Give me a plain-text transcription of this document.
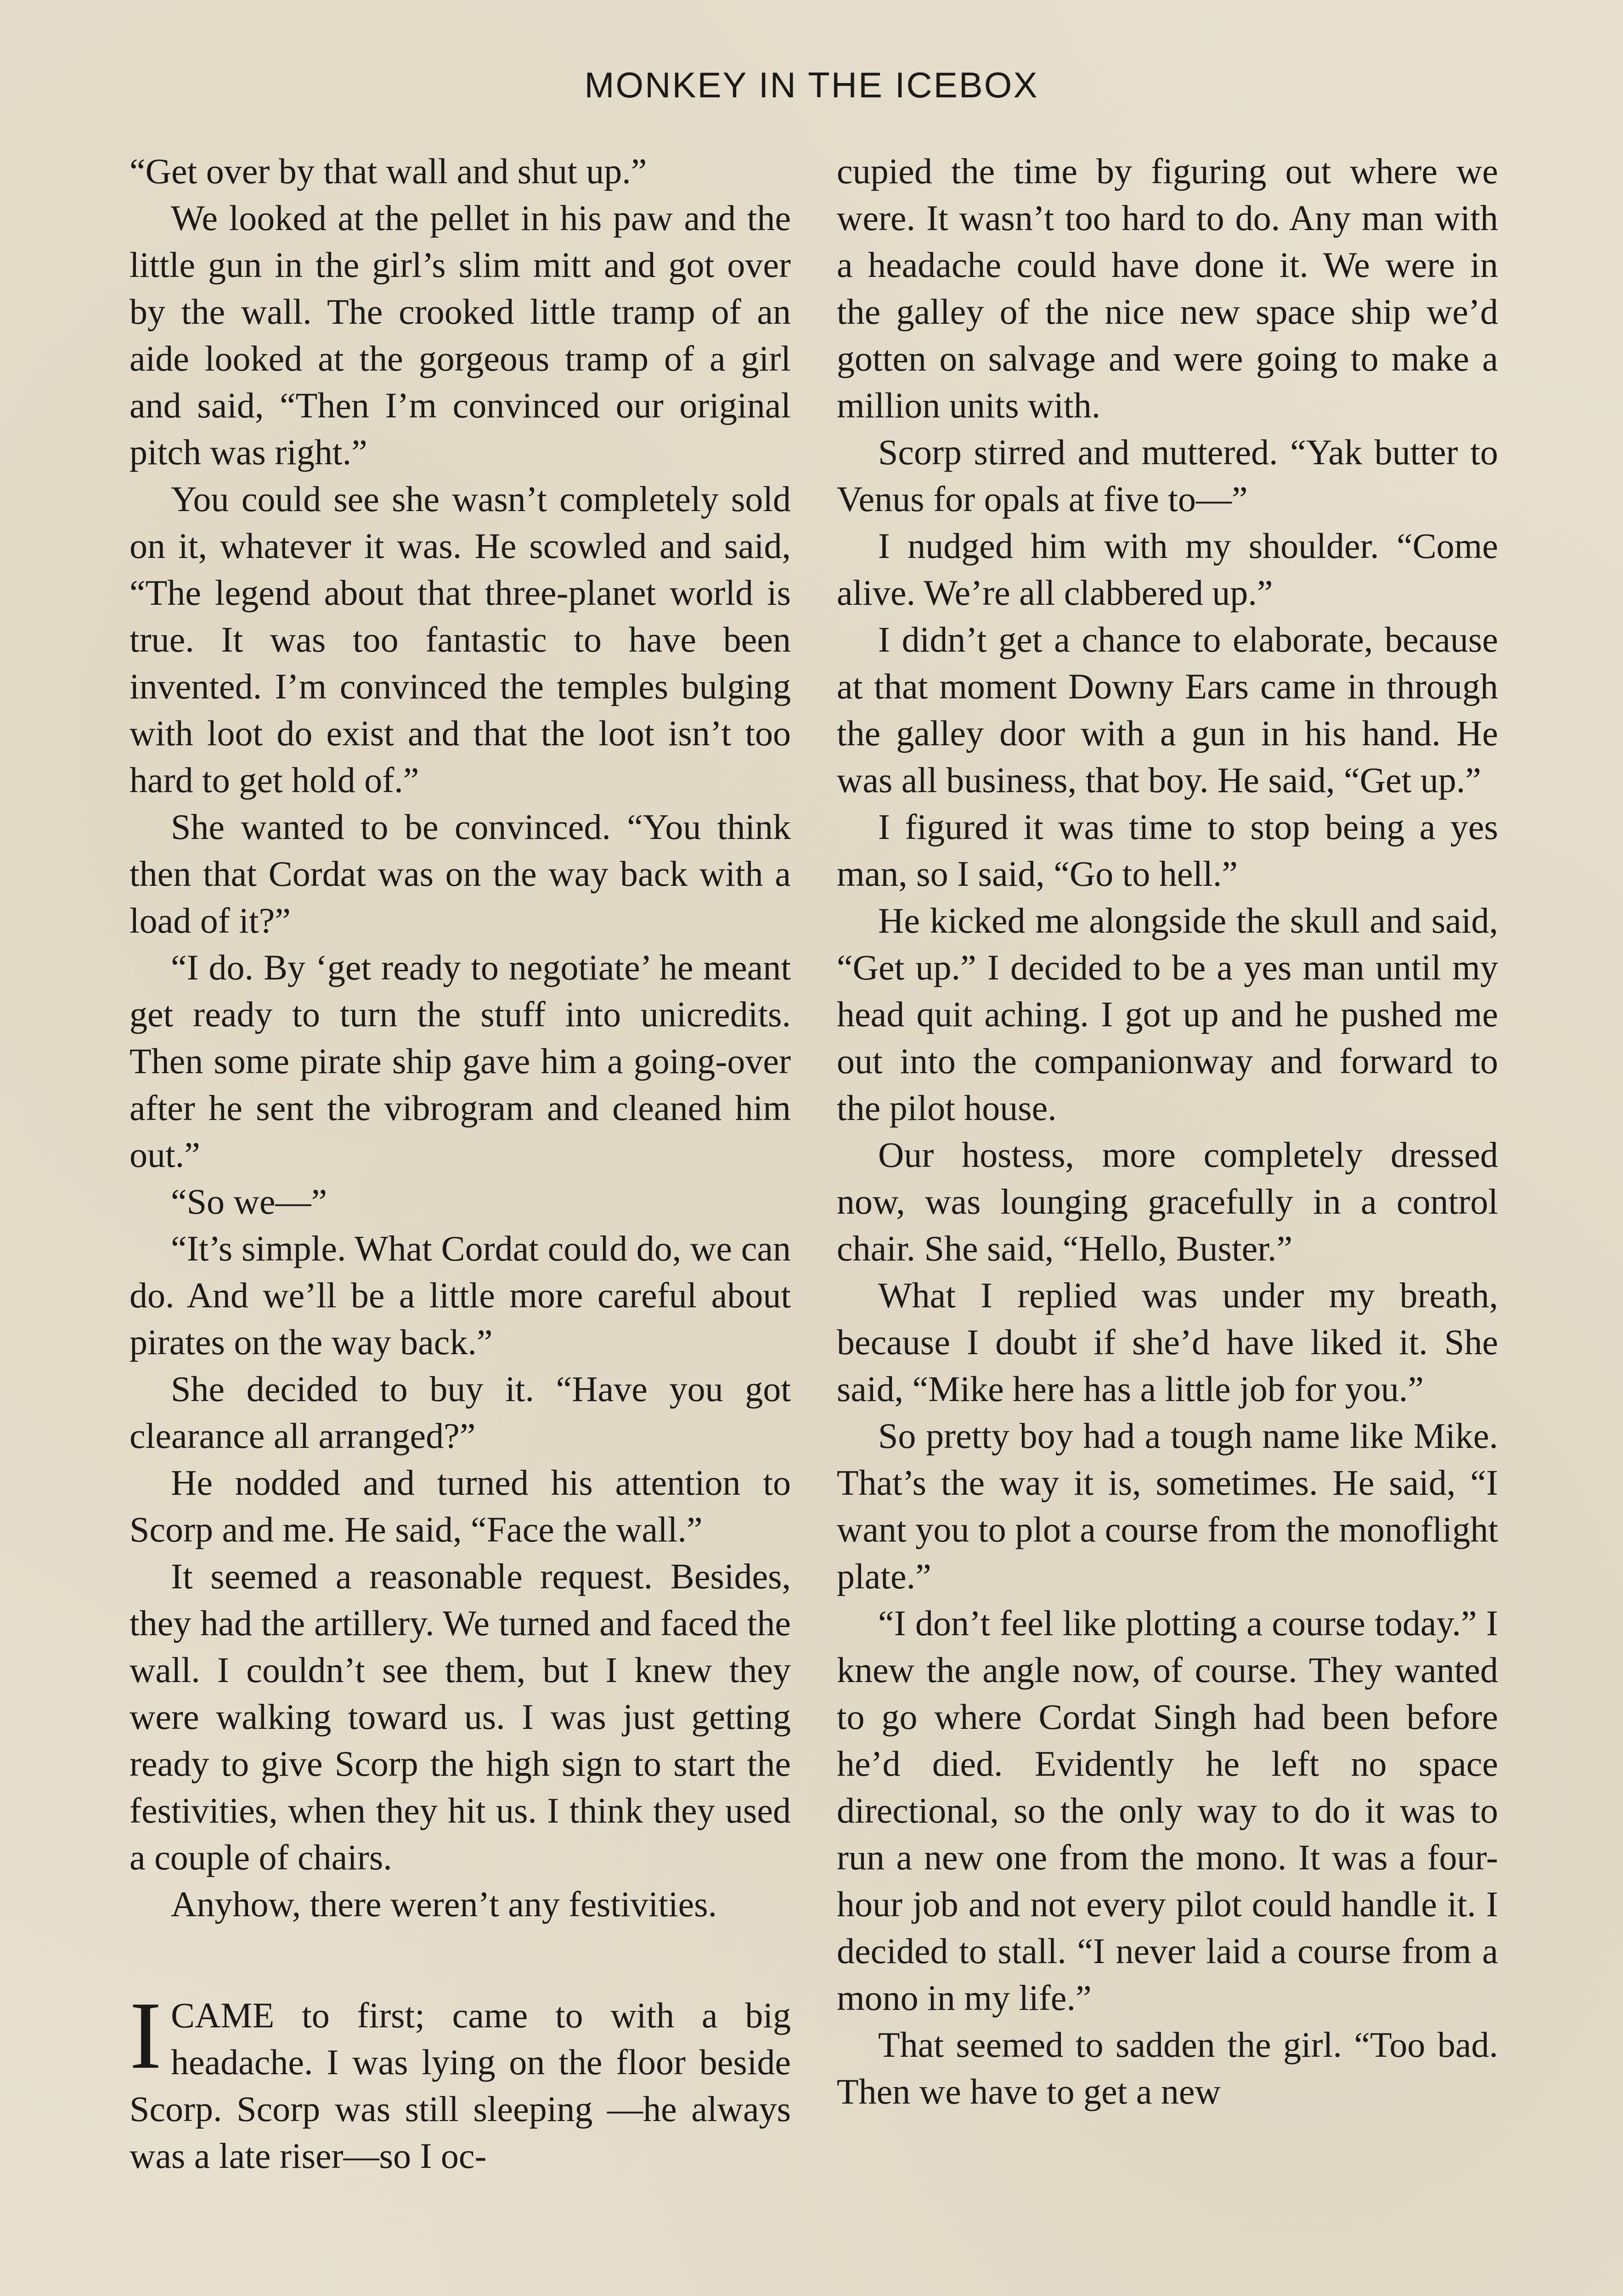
MONKEY IN THE ICEBOX

“Get over by that wall and shut up.”

We looked at the pellet in his paw and the little gun in the girl’s slim mitt and got over by the wall. The crooked little tramp of an aide looked at the gorgeous tramp of a girl and said, “Then I’m convinced our original pitch was right.”

You could see she wasn’t completely sold on it, whatever it was. He scowled and said, “The legend about that three-planet world is true. It was too fantastic to have been invented. I’m convinced the temples bulging with loot do exist and that the loot isn’t too hard to get hold of.”

She wanted to be convinced. “You think then that Cordat was on the way back with a load of it?”

“I do. By ‘get ready to negotiate’ he meant get ready to turn the stuff into unicredits. Then some pirate ship gave him a going-over after he sent the vibrogram and cleaned him out.”

“So we—”

“It’s simple. What Cordat could do, we can do. And we’ll be a little more careful about pirates on the way back.”

She decided to buy it. “Have you got clearance all arranged?”

He nodded and turned his attention to Scorp and me. He said, “Face the wall.”

It seemed a reasonable request. Besides, they had the artillery. We turned and faced the wall. I couldn’t see them, but I knew they were walking toward us. I was just getting ready to give Scorp the high sign to start the festivities, when they hit us. I think they used a couple of chairs.

Anyhow, there weren’t any festivities.

ICAME to first; came to with a big headache. I was lying on the floor beside Scorp. Scorp was still sleeping —he always was a late riser—so I oc-

cupied the time by figuring out where we were. It wasn’t too hard to do. Any man with a headache could have done it. We were in the galley of the nice new space ship we’d gotten on salvage and were going to make a million units with.

Scorp stirred and muttered. “Yak butter to Venus for opals at five to—”

I nudged him with my shoulder. “Come alive. We’re all clabbered up.”

I didn’t get a chance to elaborate, because at that moment Downy Ears came in through the galley door with a gun in his hand. He was all business, that boy. He said, “Get up.”

I figured it was time to stop being a yes man, so I said, “Go to hell.”

He kicked me alongside the skull and said, “Get up.” I decided to be a yes man until my head quit aching. I got up and he pushed me out into the companionway and forward to the pilot house.

Our hostess, more completely dressed now, was lounging gracefully in a control chair. She said, “Hello, Buster.”

What I replied was under my breath, because I doubt if she’d have liked it. She said, “Mike here has a little job for you.”

So pretty boy had a tough name like Mike. That’s the way it is, sometimes. He said, “I want you to plot a course from the monoflight plate.”

“I don’t feel like plotting a course today.” I knew the angle now, of course. They wanted to go where Cordat Singh had been before he’d died. Evidently he left no space directional, so the only way to do it was to run a new one from the mono. It was a four-hour job and not every pilot could handle it. I decided to stall. “I never laid a course from a mono in my life.”

That seemed to sadden the girl. “Too bad. Then we have to get a new
